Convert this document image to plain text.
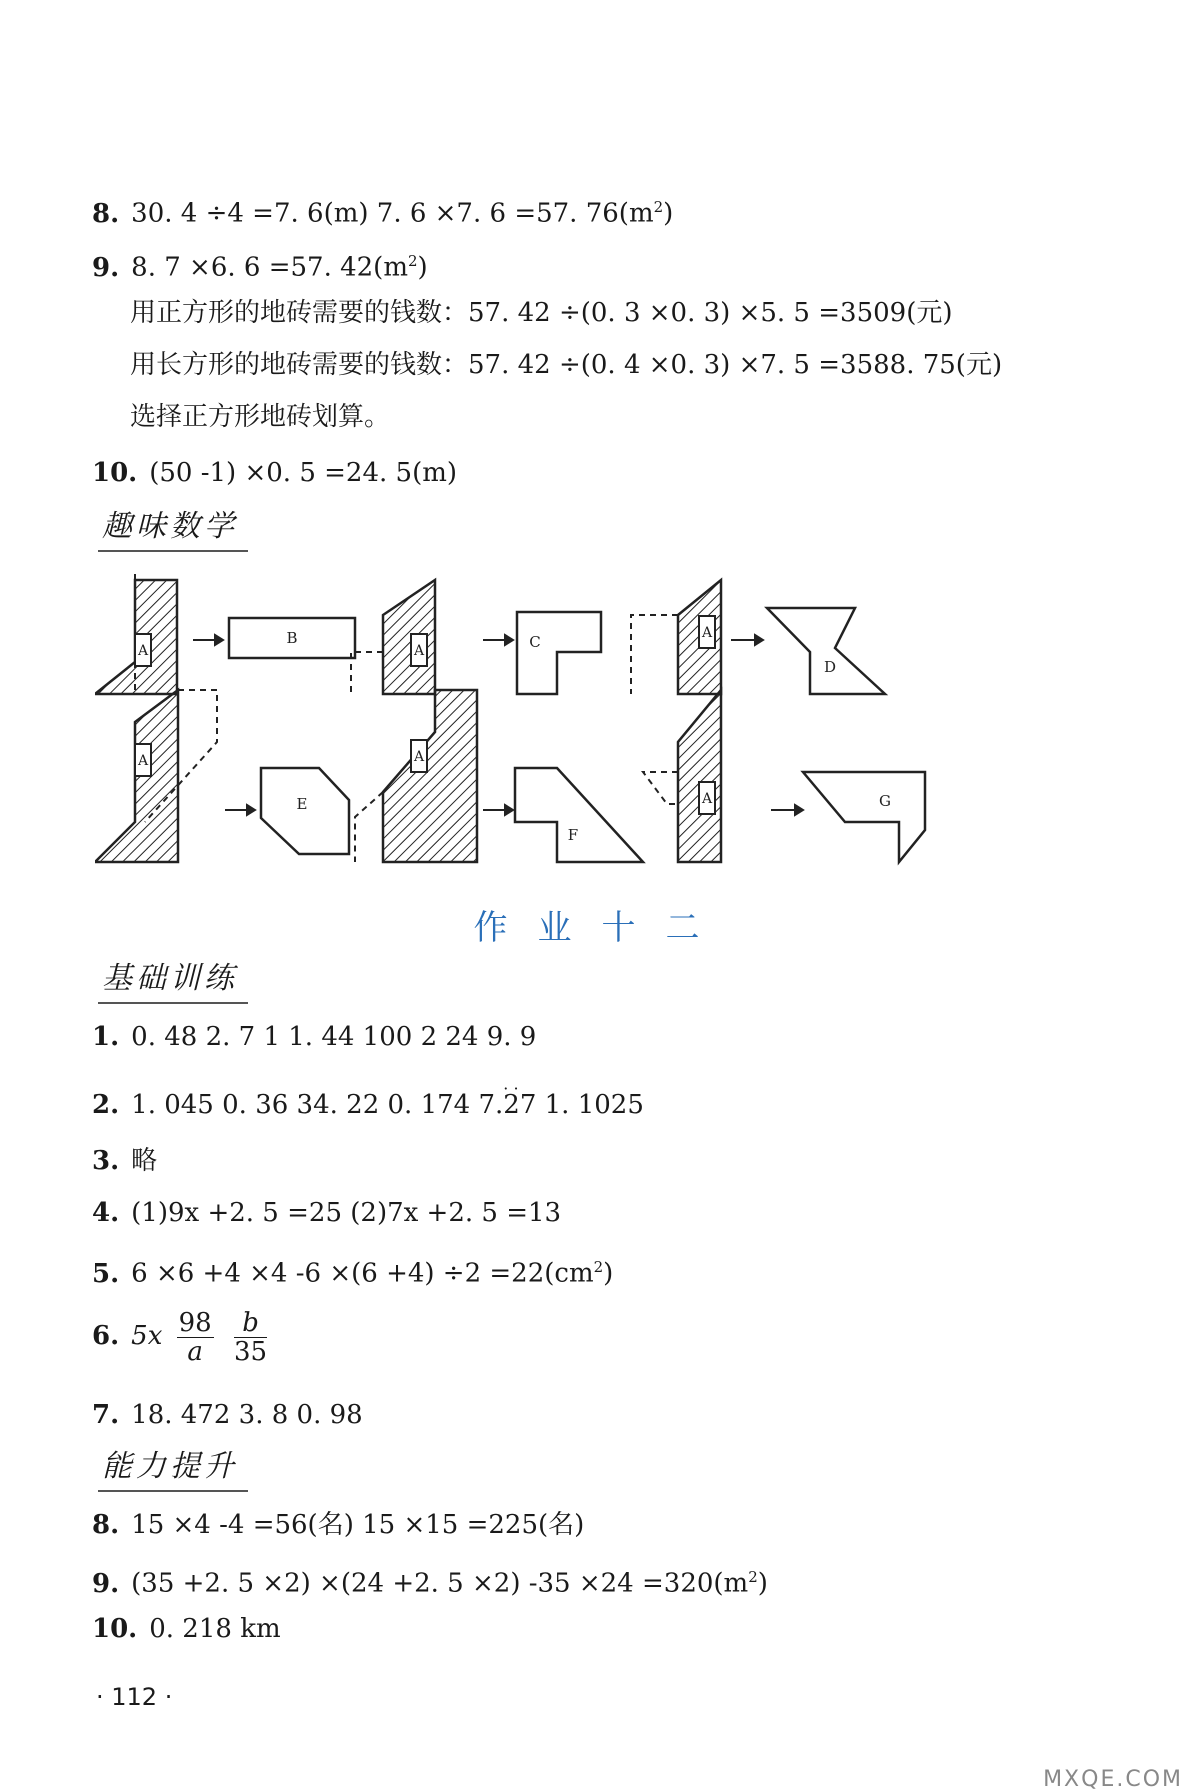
8. 30. 4 ÷4 =7. 6(m) 7. 6 ×7. 6 =57. $76(m^2)$
9. 8. 7 ×6. 6 =57. $42(m^2)$
用正方形的地砖需要的钱数：57. 42 ÷(0. 3 ×0. 3) ×5. 5 =3509(元)
用长方形的地砖需要的钱数：57. 42 ÷(0. 4 ×0. 3) ×7. 5 =3588. 75(元)
选择正方形地砖划算。
10. (50 -1) ×0. 5 =24. 5(m)
趣味数学
A	A
A
A	A
A
B	C
D
E
F
G
作业十二
基础训练
1. 0. 48 2. 7 1 1. 44 100 2 24 9. 9
2. 1. 045 0. 36 34. 22 0. 174 7.· · 27 1. 1025
3. 略
4. (1)9x +2. 5 =25 (2)7x +2. 5 =13
5. 6 ×6 +4 ×4 $-6 \times(6 +4) \div 2 =22(cm^2)$
6. $5x \frac{98}{a}$
$\frac{b}{35}$
7. 18. 472 3. 8 0. 98
能力提升
8. 15 ×4 -4 =56(名) 15 ×15 =225(名)
9. (35 +2. 5 ×2) ×(24 +2. 5 ×2) $-35 \times 24 =320(m^2)$
10. 0. 218 km
· 112 ·
MXQE.COM
